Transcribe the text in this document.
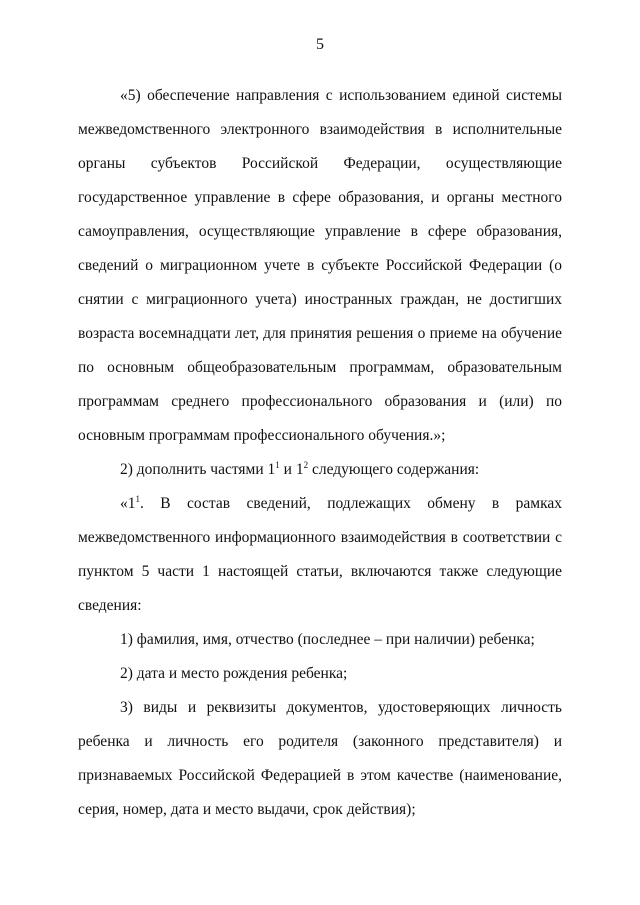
5

«5) обеспечение направления с использованием единой системы межведомственного электронного взаимодействия в исполнительные органы субъектов Российской Федерации, осуществляющие государственное управление в сфере образования, и органы местного самоуправления, осуществляющие управление в сфере образования, сведений о миграционном учете в субъекте Российской Федерации (о снятии с миграционного учета) иностранных граждан, не достигших возраста восемнадцати лет, для принятия решения о приеме на обучение по основным общеобразовательным программам, образовательным программам среднего профессионального образования и (или) по основным программам профессионального обучения.»;

2) дополнить частями $1^1$ и $1^2$ следующего содержания:

«$1^1$. В состав сведений, подлежащих обмену в рамках межведомственного информационного взаимодействия в соответствии с пунктом 5 части 1 настоящей статьи, включаются также следующие сведения:

1) фамилия, имя, отчество (последнее – при наличии) ребенка;

2) дата и место рождения ребенка;

3) виды и реквизиты документов, удостоверяющих личность ребенка и личность его родителя (законного представителя) и признаваемых Российской Федерацией в этом качестве (наименование, серия, номер, дата и место выдачи, срок действия);
